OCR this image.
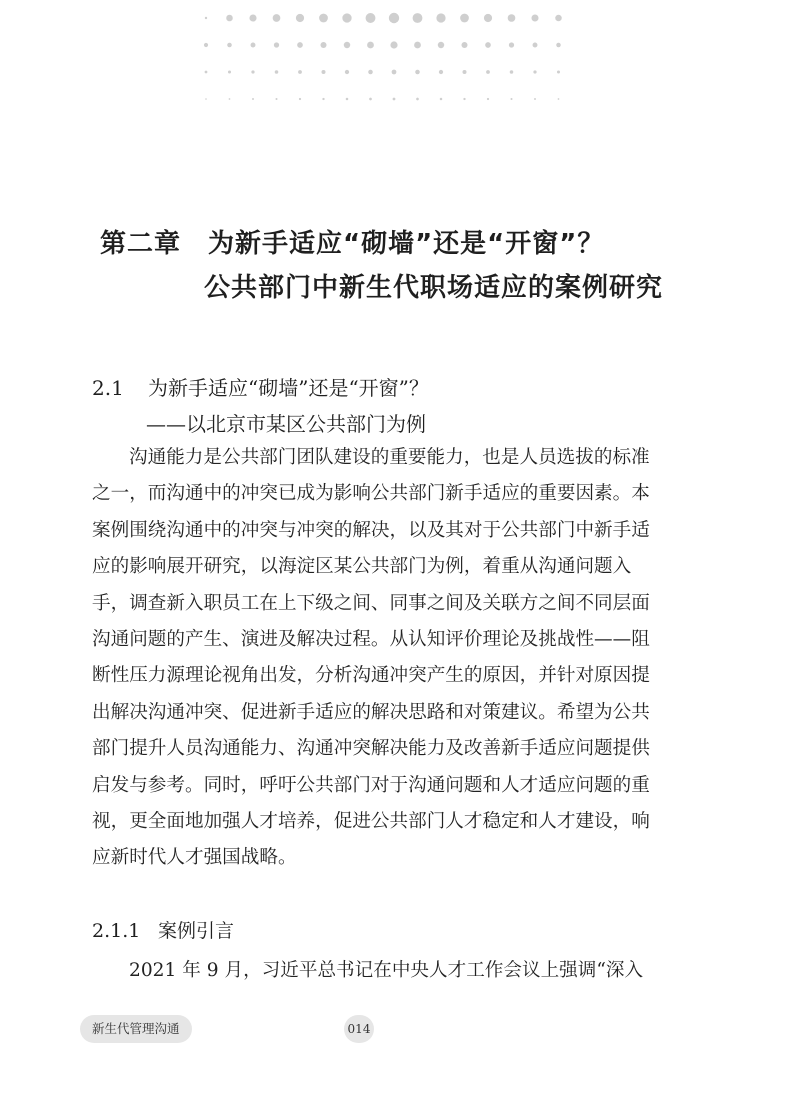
第二章　为新手适应“砌墙”还是“开窗”？
公共部门中新生代职场适应的案例研究
2.1 为新手适应“砌墙”还是“开窗”？
——以北京市某区公共部门为例
沟通能力是公共部门团队建设的重要能力，也是人员选拔的标准
之一，而沟通中的冲突已成为影响公共部门新手适应的重要因素。本
案例围绕沟通中的冲突与冲突的解决，以及其对于公共部门中新手适
应的影响展开研究，以海淀区某公共部门为例，着重从沟通问题入
手，调查新入职员工在上下级之间、同事之间及关联方之间不同层面
沟通问题的产生、演进及解决过程。从认知评价理论及挑战性——阻
断性压力源理论视角出发，分析沟通冲突产生的原因，并针对原因提
出解决沟通冲突、促进新手适应的解决思路和对策建议。希望为公共
部门提升人员沟通能力、沟通冲突解决能力及改善新手适应问题提供
启发与参考。同时，呼吁公共部门对于沟通问题和人才适应问题的重
视，更全面地加强人才培养，促进公共部门人才稳定和人才建设，响
应新时代人才强国战略。
2.1.1 案例引言
2021 年 9 月，习近平总书记在中央人才工作会议上强调“深入
新生代管理沟通	014
